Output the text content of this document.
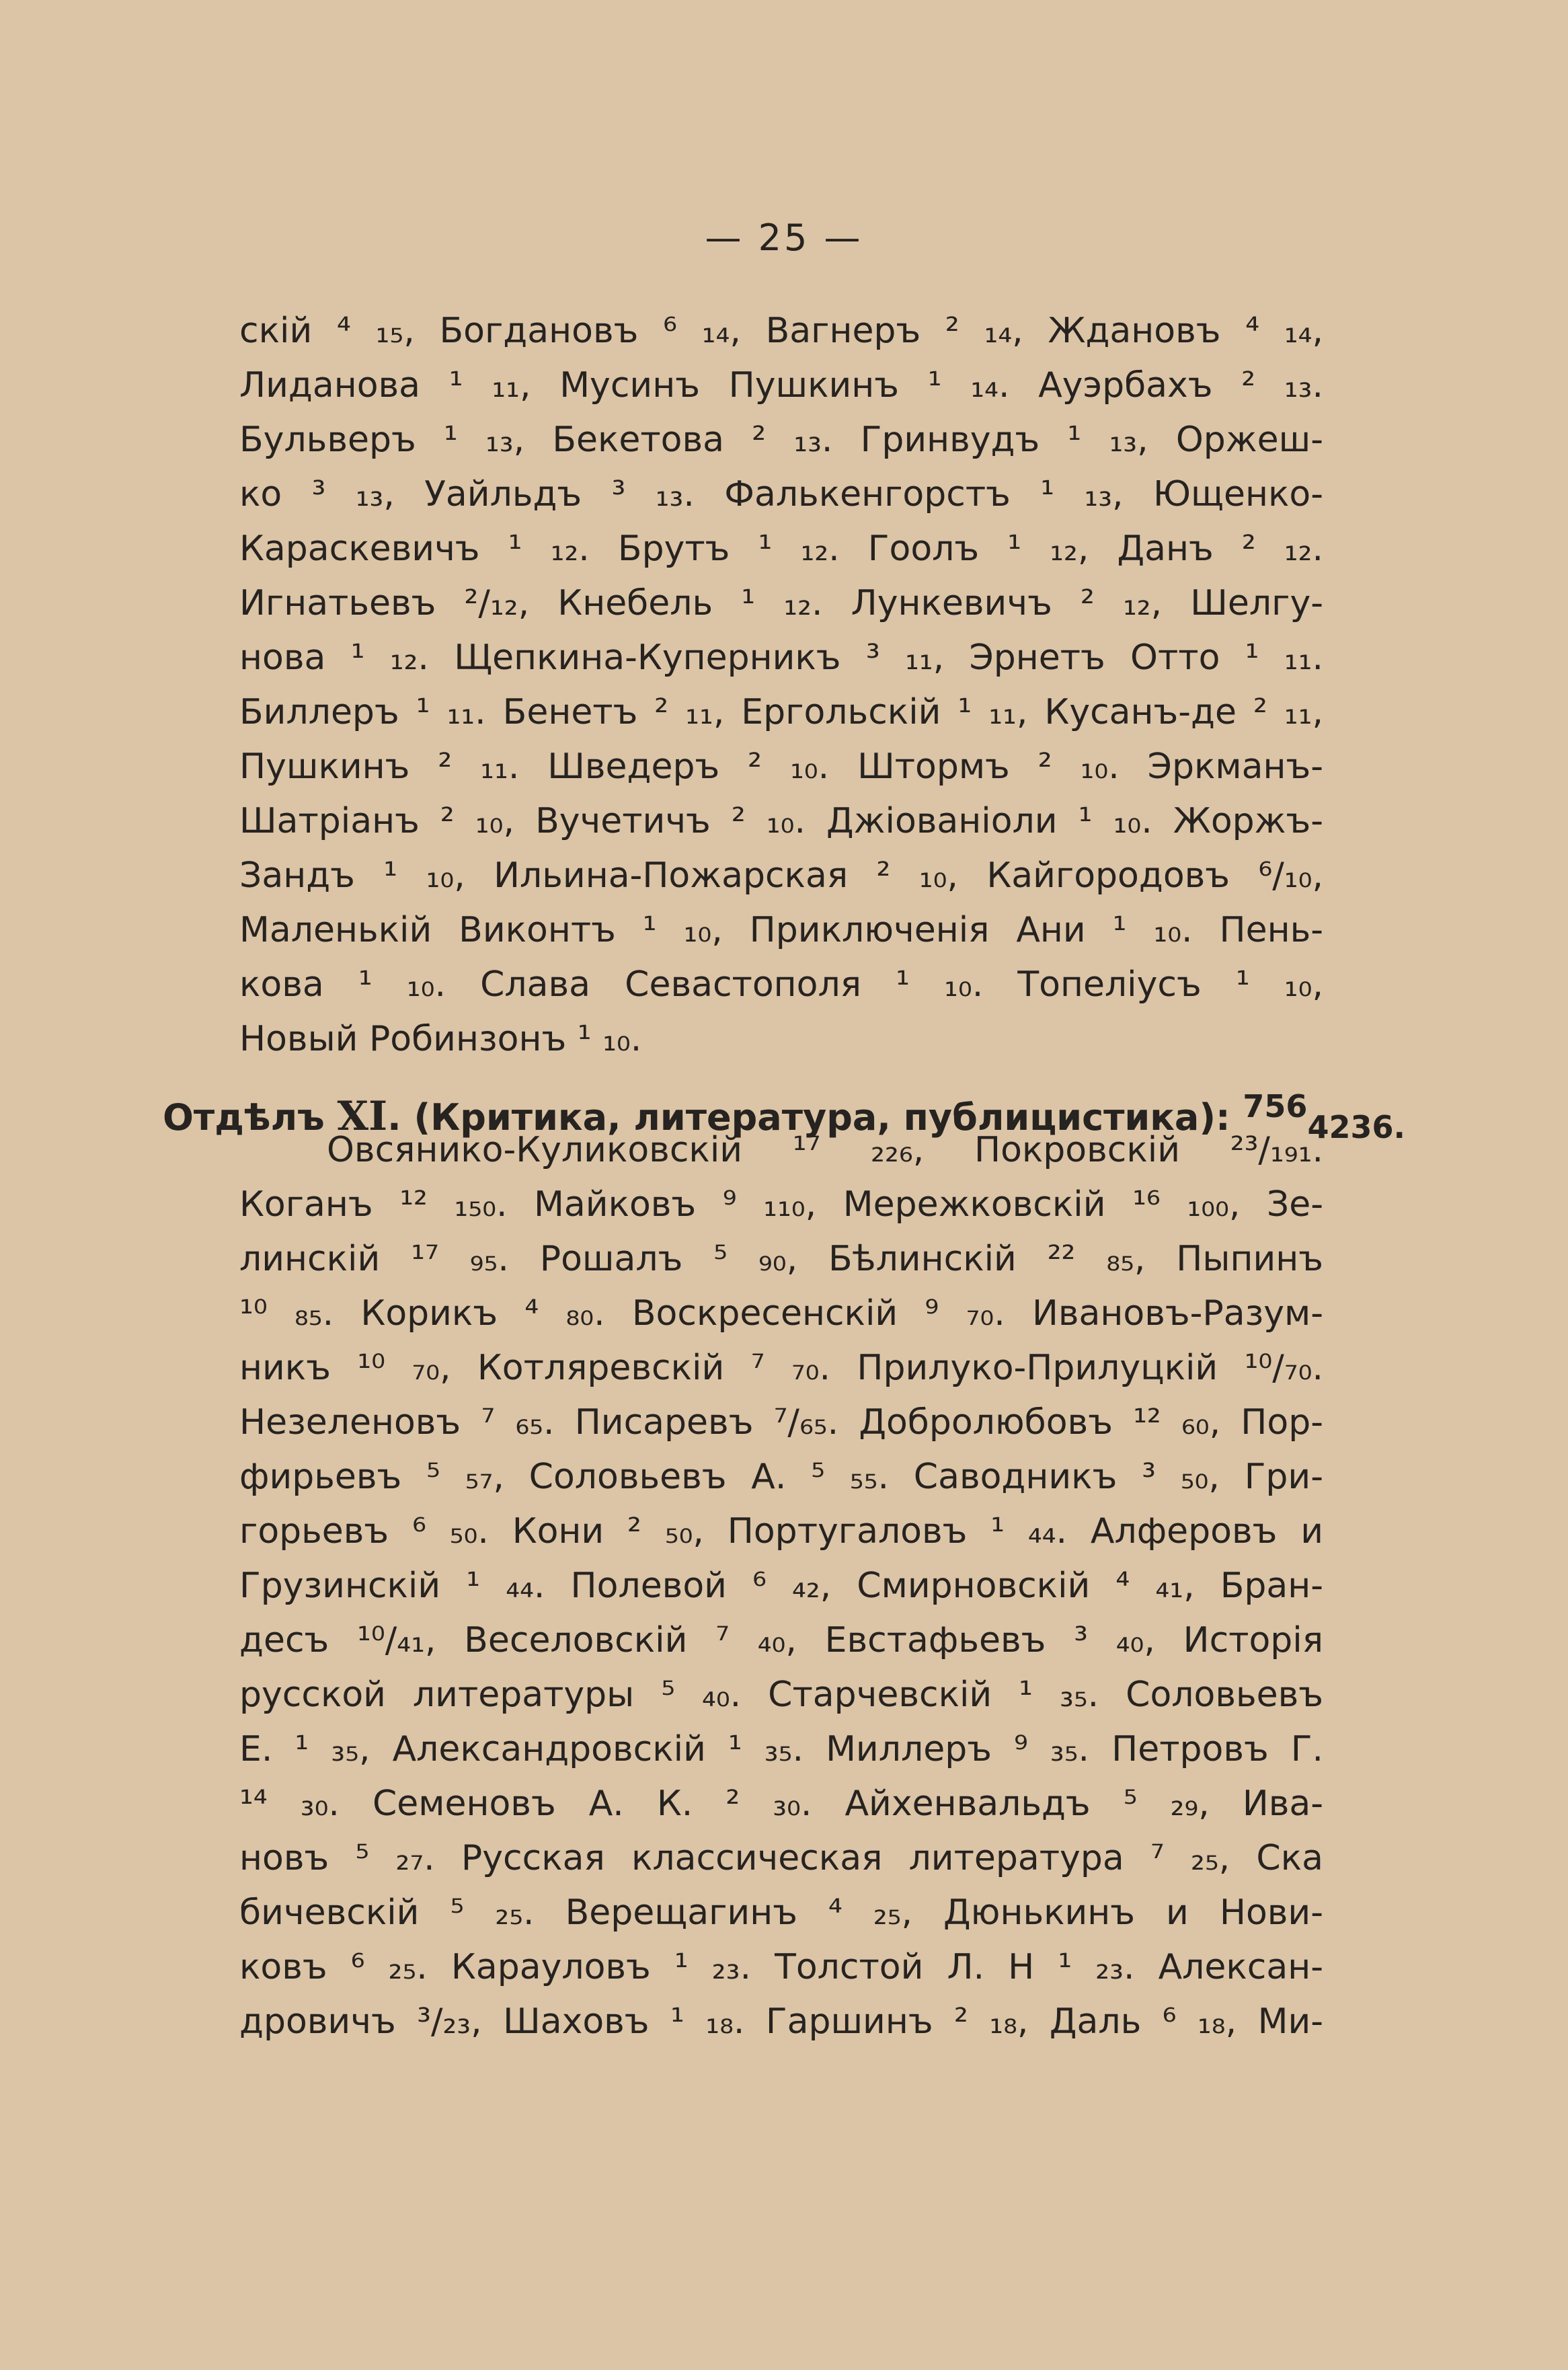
— 25 —
скій ⁴ ₁₅, Богдановъ ⁶ ₁₄, Вагнеръ ² ₁₄, Ждановъ ⁴ ₁₄,
Лиданова ¹ ₁₁, Мусинъ Пушкинъ ¹ ₁₄. Ауэрбахъ ² ₁₃.
Бульверъ ¹ ₁₃, Бекетова ² ₁₃. Гринвудъ ¹ ₁₃, Оржеш-
ко ³ ₁₃, Уайльдъ ³ ₁₃. Фалькенгорстъ ¹ ₁₃, Ющенко-
Караскевичъ ¹ ₁₂. Брутъ ¹ ₁₂. Гоолъ ¹ ₁₂, Данъ ² ₁₂.
Игнатьевъ ²/₁₂, Кнебель ¹ ₁₂. Лункевичъ ² ₁₂, Шелгу-
нова ¹ ₁₂. Щепкина-Куперникъ ³ ₁₁, Эрнетъ Отто ¹ ₁₁.
Биллеръ ¹ ₁₁. Бенетъ ² ₁₁, Ергольскій ¹ ₁₁, Кусанъ-де ² ₁₁,
Пушкинъ ² ₁₁. Шведеръ ² ₁₀. Штормъ ² ₁₀. Эркманъ-
Шатріанъ ² ₁₀, Вучетичъ ² ₁₀. Джіованіоли ¹ ₁₀. Жоржъ-
Зандъ ¹ ₁₀, Ильина-Пожарская ² ₁₀, Кайгородовъ ⁶/₁₀,
Маленькій Виконтъ ¹ ₁₀, Приключенія Ани ¹ ₁₀. Пень-
кова ¹ ₁₀. Слава Севастополя ¹ ₁₀. Топеліусъ ¹ ₁₀,
Новый Робинзонъ ¹ ₁₀.
Отдѣлъ XI. (Критика, литература, публицистика): $^{756}_{4236.}$
Овсянико-Куликовскій ¹⁷ ₂₂₆, Покровскій ²³/₁₉₁.
Коганъ ¹² ₁₅₀. Майковъ ⁹ ₁₁₀, Мережковскій ¹⁶ ₁₀₀, Зе-
линскій ¹⁷ ₉₅. Рошалъ ⁵ ₉₀, Бѣлинскій ²² ₈₅, Пыпинъ
¹⁰ ₈₅. Корикъ ⁴ ₈₀. Воскресенскій ⁹ ₇₀. Ивановъ-Разум-
никъ ¹⁰ ₇₀, Котляревскій ⁷ ₇₀. Прилуко-Прилуцкій ¹⁰/₇₀.
Незеленовъ ⁷ ₆₅. Писаревъ ⁷/₆₅. Добролюбовъ ¹² ₆₀, Пор-
фирьевъ ⁵ ₅₇, Соловьевъ А. ⁵ ₅₅. Саводникъ ³ ₅₀, Гри-
горьевъ ⁶ ₅₀. Кони ² ₅₀, Португаловъ ¹ ₄₄. Алферовъ и
Грузинскій ¹ ₄₄. Полевой ⁶ ₄₂, Смирновскій ⁴ ₄₁, Бран-
десъ ¹⁰/₄₁, Веселовскій ⁷ ₄₀, Евстафьевъ ³ ₄₀, Исторія
русской литературы ⁵ ₄₀. Старчевскій ¹ ₃₅. Соловьевъ
Е. ¹ ₃₅, Александровскій ¹ ₃₅. Миллеръ ⁹ ₃₅. Петровъ Г.
¹⁴ ₃₀. Семеновъ А. К. ² ₃₀. Айхенвальдъ ⁵ ₂₉, Ива-
новъ ⁵ ₂₇. Русская классическая литература ⁷ ₂₅, Ска
бичевскій ⁵ ₂₅. Верещагинъ ⁴ ₂₅, Дюнькинъ и Нови-
ковъ ⁶ ₂₅. Карауловъ ¹ ₂₃. Толстой Л. Н ¹ ₂₃. Алексан-
дровичъ ³/₂₃, Шаховъ ¹ ₁₈. Гаршинъ ² ₁₈, Даль ⁶ ₁₈, Ми-
